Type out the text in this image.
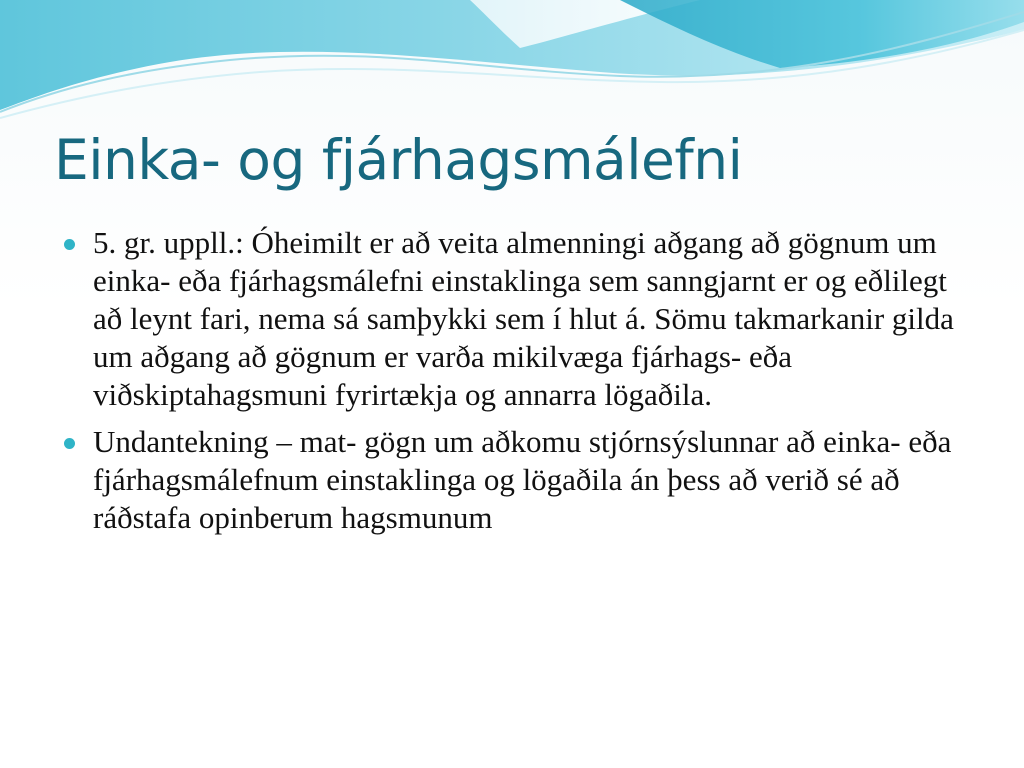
Einka- og fjárhagsmálefni
5. gr. uppll.: Óheimilt er að veita almenningi aðgang að gögnum um einka- eða fjárhagsmálefni einstaklinga sem sanngjarnt er og eðlilegt að leynt fari, nema sá samþykki sem í hlut á. Sömu takmarkanir gilda um aðgang að gögnum er varða mikilvæga fjárhags- eða viðskiptahagsmuni fyrirtækja og annarra lögaðila.
Undantekning – mat- gögn um aðkomu stjórnsýslunnar að einka- eða fjárhagsmálefnum einstaklinga og lögaðila án þess að verið sé að ráðstafa opinberum hagsmunum
